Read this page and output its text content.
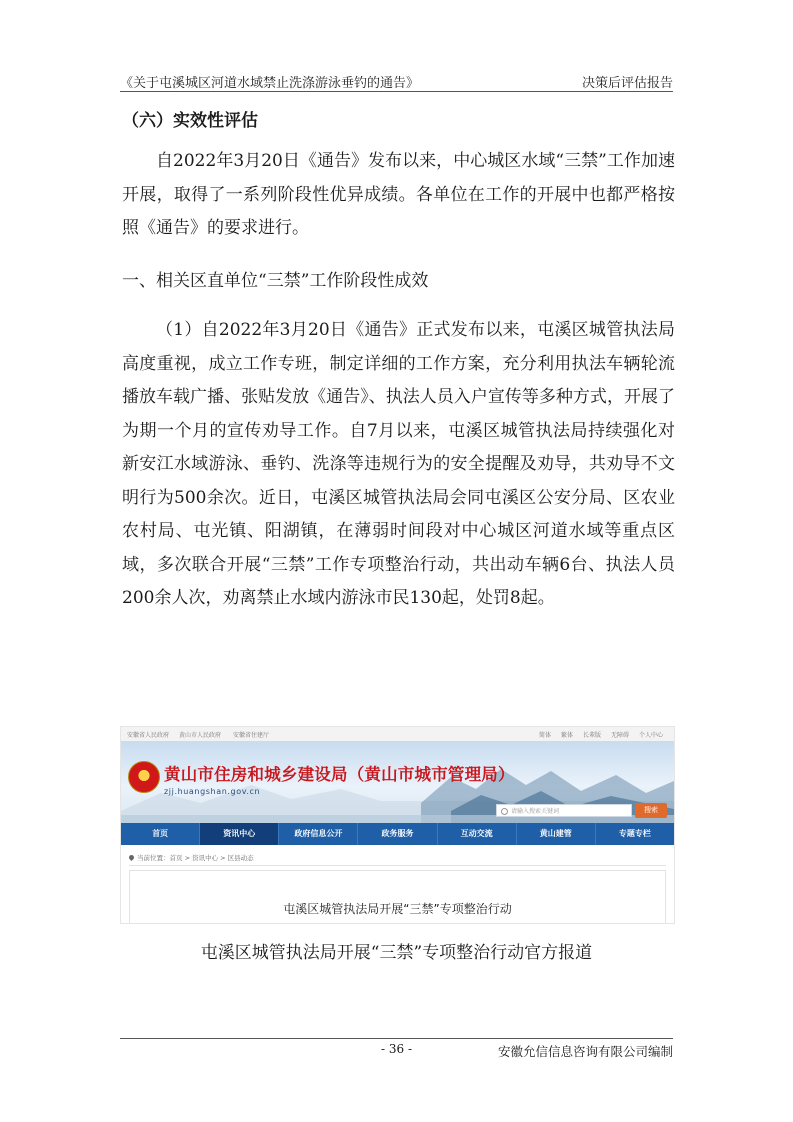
《关于屯溪城区河道水域禁止洗涤游泳垂钓的通告》	决策后评估报告
（六）实效性评估
自2022年3月20日《通告》发布以来，中心城区水域“三禁”工作加速开展，取得了一系列阶段性优异成绩。各单位在工作的开展中也都严格按照《通告》的要求进行。
一、相关区直单位“三禁”工作阶段性成效
（1）自2022年3月20日《通告》正式发布以来，屯溪区城管执法局高度重视，成立工作专班，制定详细的工作方案，充分利用执法车辆轮流播放车载广播、张贴发放《通告》、执法人员入户宣传等多种方式，开展了为期一个月的宣传劝导工作。自7月以来，屯溪区城管执法局持续强化对新安江水域游泳、垂钓、洗涤等违规行为的安全提醒及劝导，共劝导不文明行为500余次。近日，屯溪区城管执法局会同屯溪区公安分局、区农业农村局、屯光镇、阳湖镇，在薄弱时间段对中心城区河道水域等重点区域，多次联合开展“三禁”工作专项整治行动，共出动车辆6台、执法人员200余人次，劝离禁止水域内游泳市民130起，处罚8起。
安徽省人民政府 黄山市人民政府 安徽省住建厅	简体 繁体 长辈版 无障碍 个人中心
黄山市住房和城乡建设局（黄山市城市管理局）
zjj.huangshan.gov.cn
请输入搜索关键词	搜索
首页	资讯中心	政府信息公开	政务服务	互动交流	黄山建管	专题专栏
当前位置：首页 > 资讯中心 > 区县动态
屯溪区城管执法局开展“三禁”专项整治行动
屯溪区城管执法局开展“三禁”专项整治行动官方报道
- 36 -	安徽允信信息咨询有限公司编制
